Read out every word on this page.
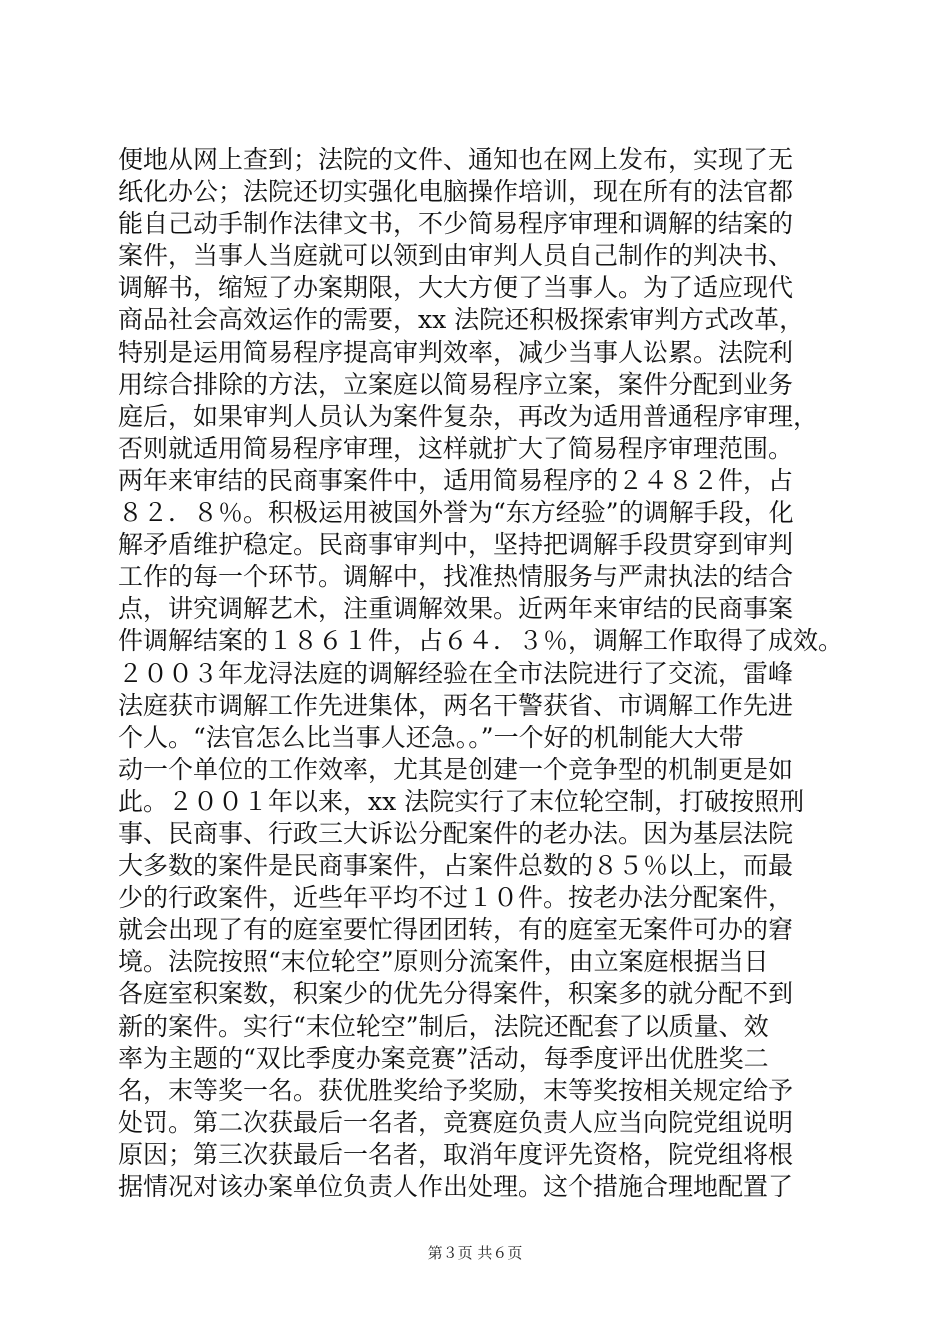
便地从网上查到；法院的文件、通知也在网上发布，实现了无
纸化办公；法院还切实强化电脑操作培训，现在所有的法官都
能自己动手制作法律文书，不少简易程序审理和调解的结案的
案件，当事人当庭就可以领到由审判人员自己制作的判决书、
调解书，缩短了办案期限，大大方便了当事人。为了适应现代
商品社会高效运作的需要，xx 法院还积极探索审判方式改革，
特别是运用简易程序提高审判效率，减少当事人讼累。法院利
用综合排除的方法，立案庭以简易程序立案，案件分配到业务
庭后，如果审判人员认为案件复杂，再改为适用普通程序审理，
否则就适用简易程序审理，这样就扩大了简易程序审理范围。
两年来审结的民商事案件中，适用简易程序的２４８２件，占
８２．８％。积极运用被国外誉为“东方经验”的调解手段，化
解矛盾维护稳定。民商事审判中，坚持把调解手段贯穿到审判
工作的每一个环节。调解中，找准热情服务与严肃执法的结合
点，讲究调解艺术，注重调解效果。近两年来审结的民商事案
件调解结案的１８６１件，占６４．３％，调解工作取得了成效。
２００３年龙浔法庭的调解经验在全市法院进行了交流，雷峰
法庭获市调解工作先进集体，两名干警获省、市调解工作先进
个人。“法官怎么比当事人还急。。”一个好的机制能大大带
动一个单位的工作效率，尤其是创建一个竞争型的机制更是如
此。２００１年以来，xx 法院实行了末位轮空制，打破按照刑
事、民商事、行政三大诉讼分配案件的老办法。因为基层法院
大多数的案件是民商事案件，占案件总数的８５％以上，而最
少的行政案件，近些年平均不过１０件。按老办法分配案件，
就会出现了有的庭室要忙得团团转，有的庭室无案件可办的窘
境。法院按照“末位轮空”原则分流案件，由立案庭根据当日
各庭室积案数，积案少的优先分得案件，积案多的就分配不到
新的案件。实行“末位轮空”制后，法院还配套了以质量、效
率为主题的“双比季度办案竞赛”活动，每季度评出优胜奖二
名，末等奖一名。获优胜奖给予奖励，末等奖按相关规定给予
处罚。第二次获最后一名者，竞赛庭负责人应当向院党组说明
原因；第三次获最后一名者，取消年度评先资格，院党组将根
据情况对该办案单位负责人作出处理。这个措施合理地配置了
第３页 共６页
